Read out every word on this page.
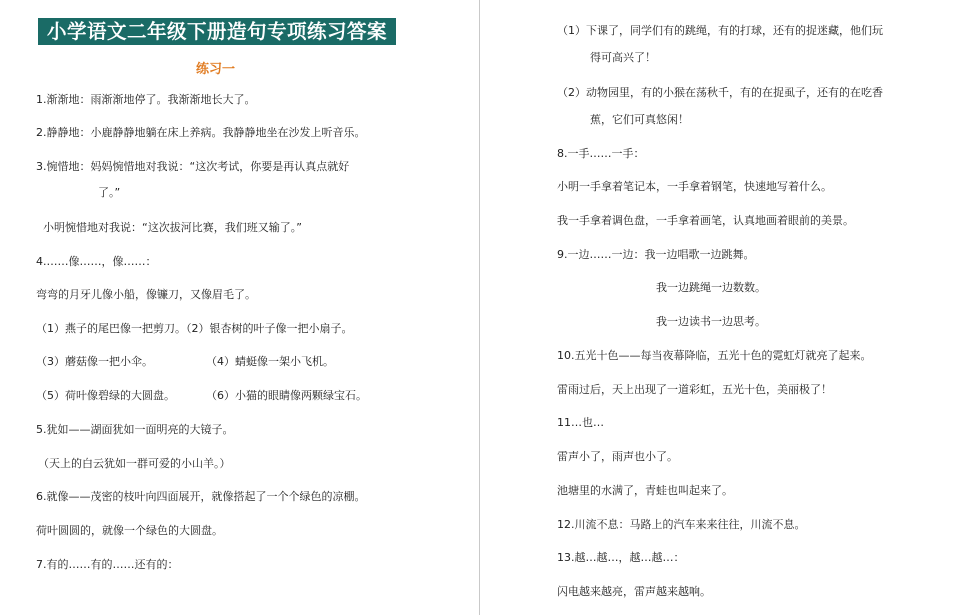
小学语文二年级下册造句专项练习答案
练习一
1.渐渐地：雨渐渐地停了。我渐渐地长大了。
2.静静地：小鹿静静地躺在床上养病。我静静地坐在沙发上听音乐。
3.惋惜地：妈妈惋惜地对我说：“这次考试，你要是再认真点就好
了。”
小明惋惜地对我说：“这次拔河比赛，我们班又输了。”
4.……像……，像……：
弯弯的月牙儿像小船，像镰刀，又像眉毛了。
（1）燕子的尾巴像一把剪刀。（2）银杏树的叶子像一把小扇子。
（3）蘑菇像一把小伞。	（4）蜻蜓像一架小飞机。
（5）荷叶像碧绿的大圆盘。	（6）小猫的眼睛像两颗绿宝石。
5.犹如——湖面犹如一面明亮的大镜子。
（天上的白云犹如一群可爱的小山羊。）
6.就像——茂密的枝叶向四面展开，就像搭起了一个个绿色的凉棚。
荷叶圆圆的，就像一个绿色的大圆盘。
7.有的……有的……还有的：
（1）下课了，同学们有的跳绳，有的打球，还有的捉迷藏，他们玩
得可高兴了！
（2）动物园里，有的小猴在荡秋千，有的在捉虱子，还有的在吃香
蕉，它们可真悠闲！
8.一手……一手：
小明一手拿着笔记本，一手拿着钢笔，快速地写着什么。
我一手拿着调色盘，一手拿着画笔，认真地画着眼前的美景。
9.一边……一边：我一边唱歌一边跳舞。
我一边跳绳一边数数。
我一边读书一边思考。
10.五光十色——每当夜幕降临，五光十色的霓虹灯就亮了起来。
雷雨过后，天上出现了一道彩虹，五光十色，美丽极了！
11…也…
雷声小了，雨声也小了。
池塘里的水满了，青蛙也叫起来了。
12.川流不息：马路上的汽车来来往往，川流不息。
13.越…越…，越…越…：
闪电越来越亮，雷声越来越响。
